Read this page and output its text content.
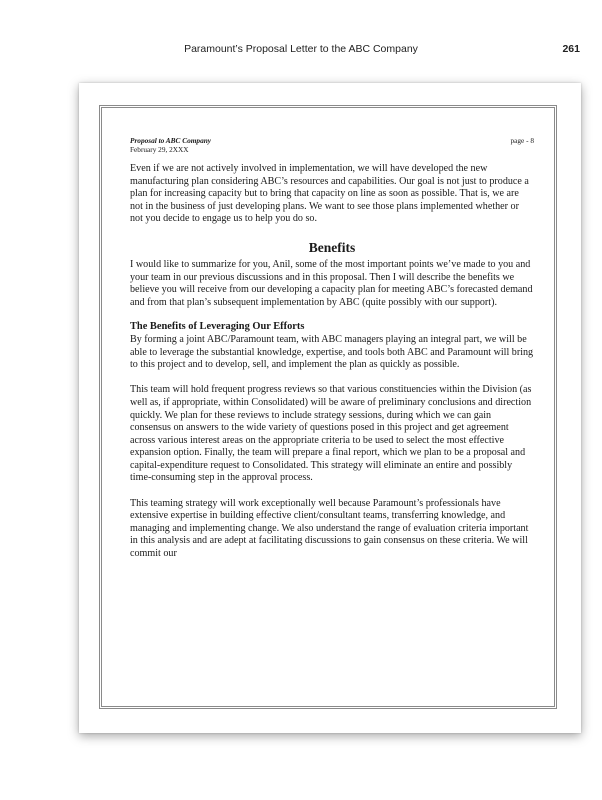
Paramount’s Proposal Letter to the ABC Company	261
Proposal to ABC Company
February 29, 2XXX
page - 8

Even if we are not actively involved in implementation, we will have developed the new manufacturing plan considering ABC’s resources and capabilities. Our goal is not just to produce a plan for increasing capacity but to bring that capacity on line as soon as possible. That is, we are not in the business of just developing plans. We want to see those plans implemented whether or not you decide to engage us to help you do so.

Benefits

I would like to summarize for you, Anil, some of the most important points we’ve made to you and your team in our previous discussions and in this proposal. Then I will describe the benefits we believe you will receive from our developing a capacity plan for meeting ABC’s forecasted demand and from that plan’s subsequent implementation by ABC (quite possibly with our support).

The Benefits of Leveraging Our Efforts

By forming a joint ABC/Paramount team, with ABC managers playing an integral part, we will be able to leverage the substantial knowledge, expertise, and tools both ABC and Paramount will bring to this project and to develop, sell, and implement the plan as quickly as possible.

This team will hold frequent progress reviews so that various constituencies within the Division (as well as, if appropriate, within Consolidated) will be aware of preliminary conclusions and direction quickly. We plan for these reviews to include strategy sessions, during which we can gain consensus on answers to the wide variety of questions posed in this project and get agreement across various interest areas on the appropriate criteria to be used to select the most effective expansion option. Finally, the team will prepare a final report, which we plan to be a proposal and capital-expenditure request to Consolidated. This strategy will eliminate an entire and possibly time-consuming step in the approval process.

This teaming strategy will work exceptionally well because Paramount’s professionals have extensive expertise in building effective client/consultant teams, transferring knowledge, and managing and implementing change. We also understand the range of evaluation criteria important in this analysis and are adept at facilitating discussions to gain consensus on these criteria. We will commit our
